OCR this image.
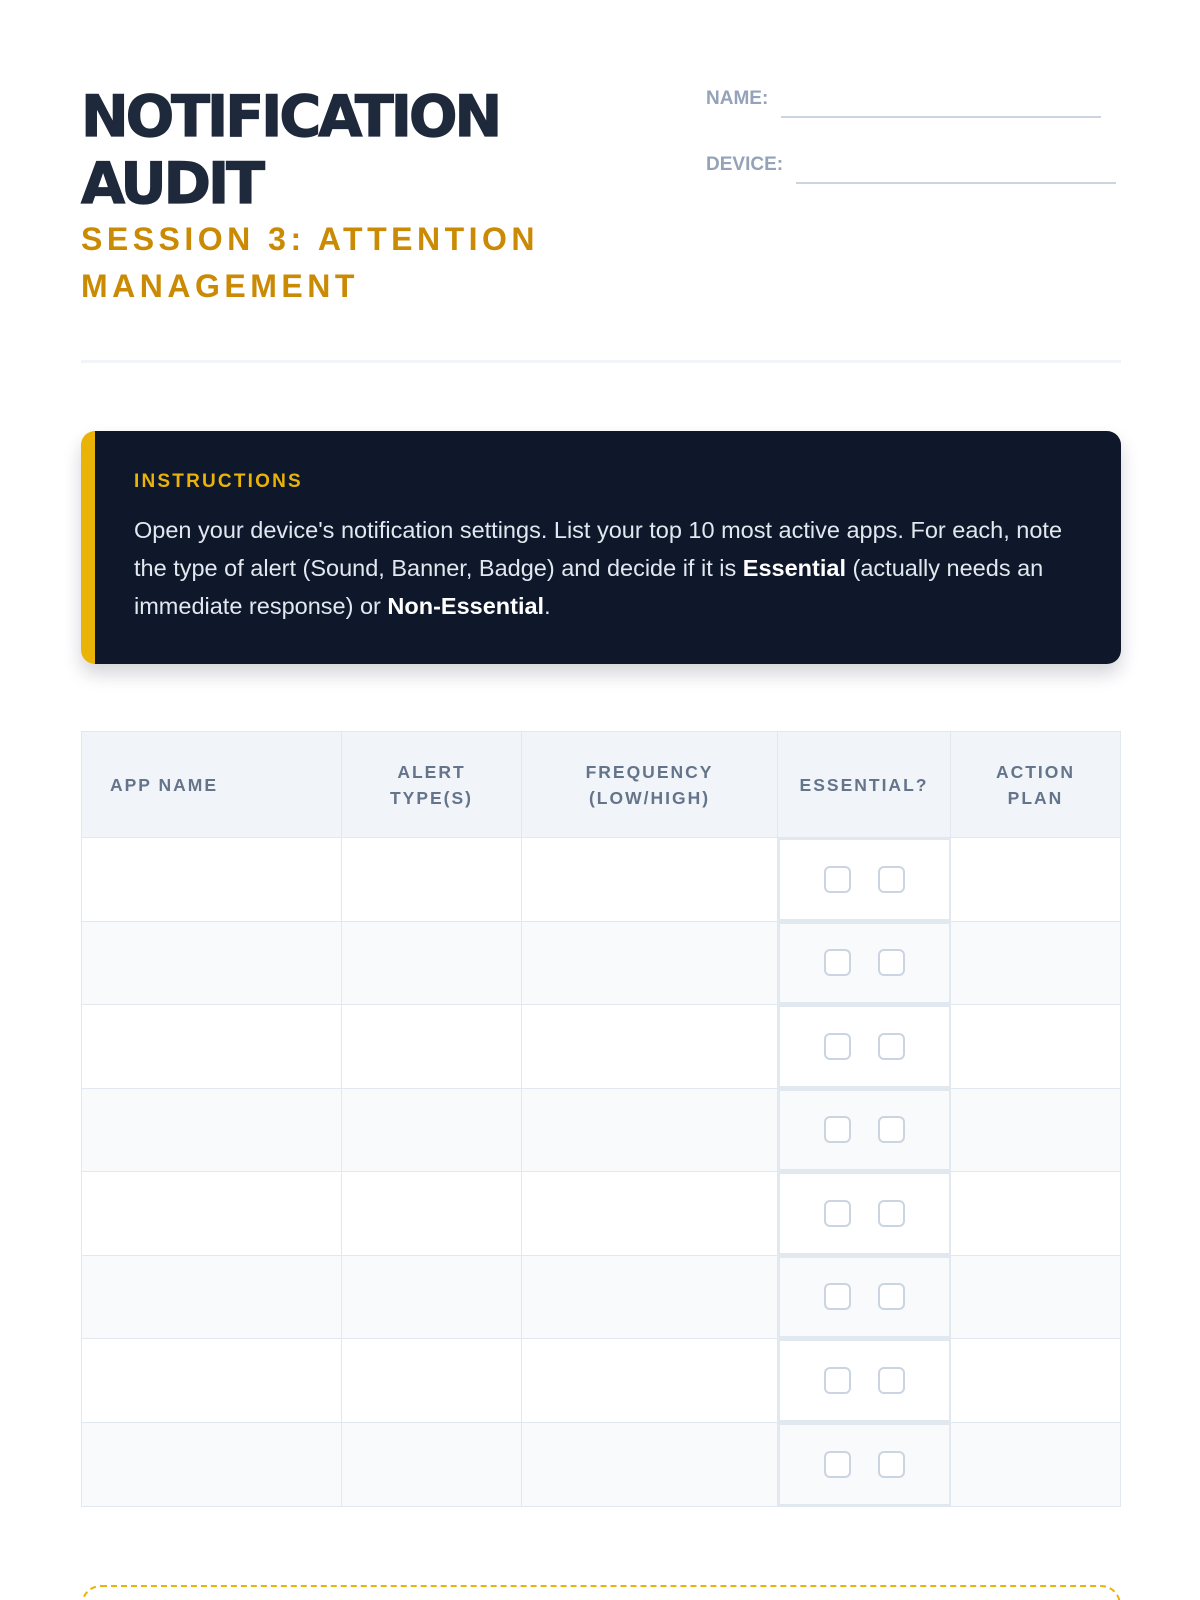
NOTIFICATION
AUDIT
SESSION 3: ATTENTION
MANAGEMENT
NAME:
DEVICE:
INSTRUCTIONS
Open your device's notification settings. List your top 10 most active apps. For each, note the type of alert (Sound, Banner, Badge) and decide if it is Essential (actually needs an immediate response) or Non-Essential.
APP NAME
ALERT
TYPE(S)
FREQUENCY
(LOW/HIGH)
ESSENTIAL?
ACTION
PLAN
